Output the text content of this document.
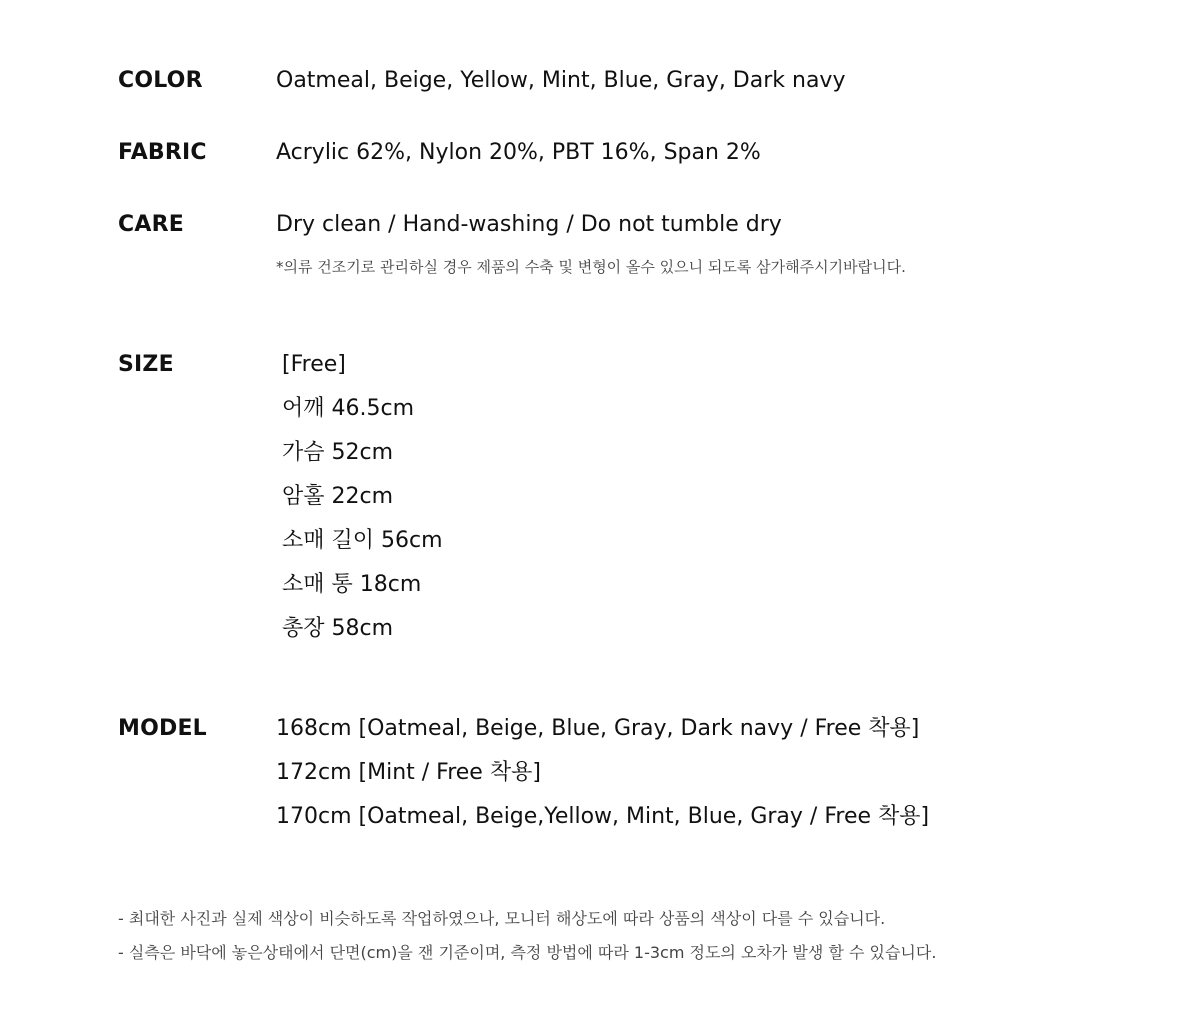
COLOR	Oatmeal, Beige, Yellow, Mint, Blue, Gray, Dark navy
FABRIC	Acrylic 62%, Nylon 20%, PBT 16%, Span 2%
CARE	Dry clean / Hand-washing / Do not tumble dry
*의류 건조기로 관리하실 경우 제품의 수축 및 변형이 올수 있으니 되도록 삼가해주시기바랍니다.
SIZE	[Free]
어깨 46.5cm
가슴 52cm
암홀 22cm
소매 길이 56cm
소매 통 18cm
총장 58cm
MODEL	168cm [Oatmeal, Beige, Blue, Gray, Dark navy / Free 착용]
172cm [Mint / Free 착용]
170cm [Oatmeal, Beige,Yellow, Mint, Blue, Gray / Free 착용]
- 최대한 사진과 실제 색상이 비슷하도록 작업하였으나, 모니터 해상도에 따라 상품의 색상이 다를 수 있습니다.
- 실측은 바닥에 놓은상태에서 단면(cm)을 잰 기준이며, 측정 방법에 따라 1-3cm 정도의 오차가 발생 할 수 있습니다.
